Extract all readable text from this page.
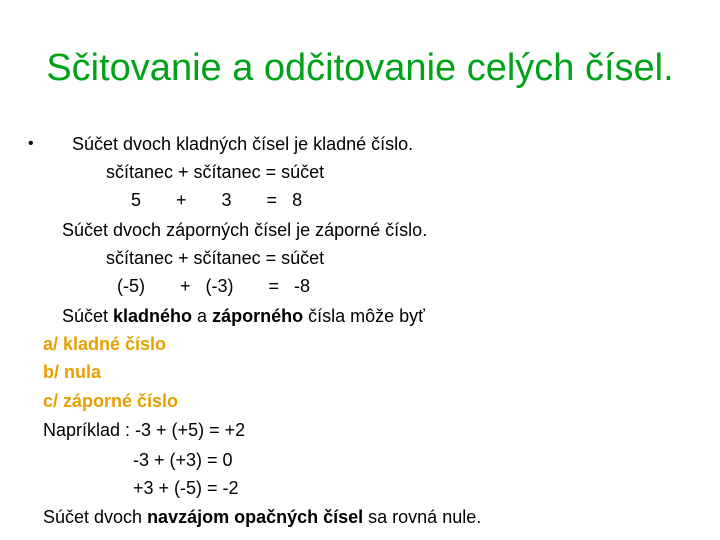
Sčitovanie a odčitovanie celých čísel.
• Súčet dvoch kladných čísel je kladné číslo.
sčítanec + sčítanec = súčet
5       +       3       =   8
Súčet dvoch záporných čísel je záporné číslo.
sčítanec + sčítanec = súčet
(-5)       +   (-3)       =   -8
Súčet kladného a záporného čísla môže byť
a/ kladné číslo
b/ nula
c/ záporné číslo
Napríklad : -3 + (+5) = +2
-3 + (+3) = 0
+3 + (-5) = -2
Súčet dvoch navzájom opačných čísel sa rovná nule.
